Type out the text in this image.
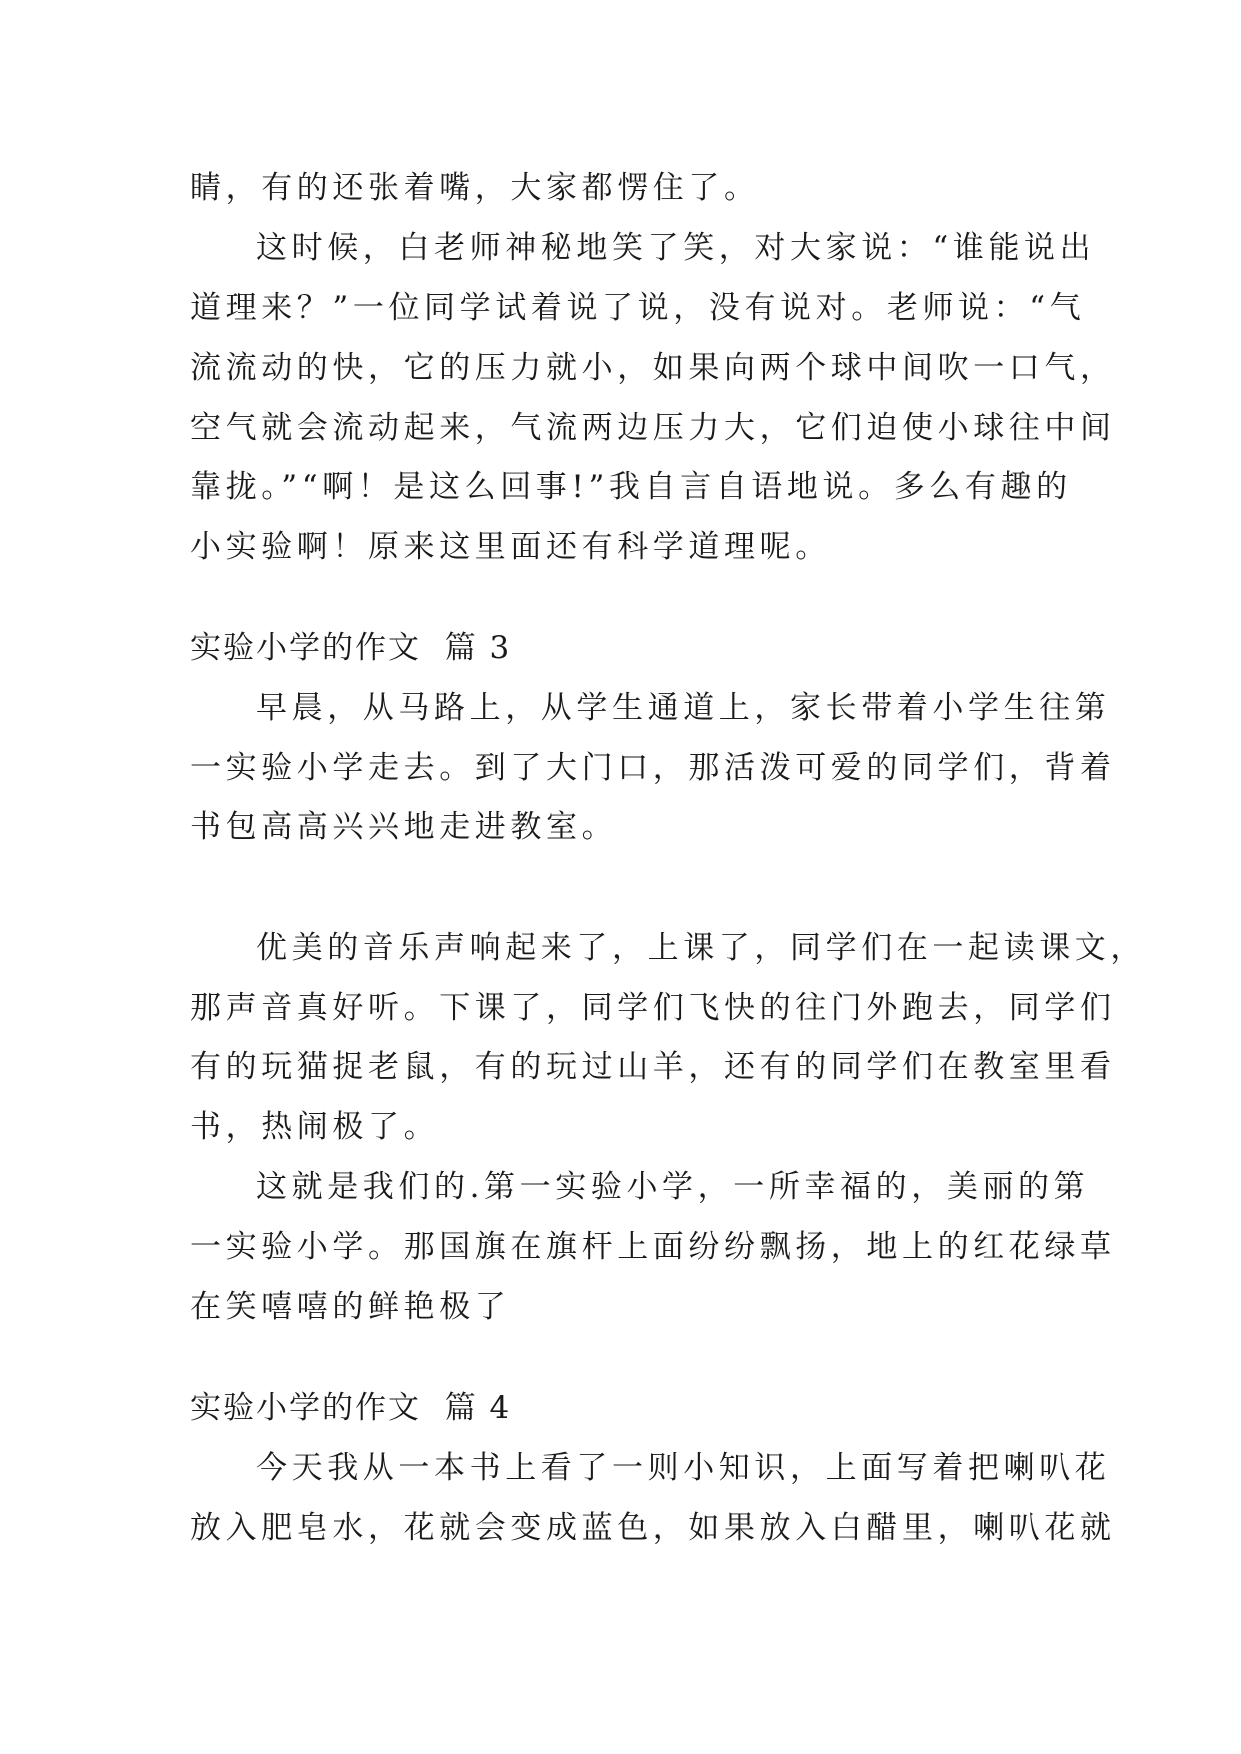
睛，有的还张着嘴，大家都愣住了。
这时候，白老师神秘地笑了笑，对大家说：“谁能说出
道理来？”一位同学试着说了说，没有说对。老师说：“气
流流动的快，它的压力就小，如果向两个球中间吹一口气，
空气就会流动起来，气流两边压力大，它们迫使小球往中间
靠拢。”“啊！是这么回事!”我自言自语地说。多么有趣的
小实验啊！原来这里面还有科学道理呢。
实验小学的作文  篇 3
早晨，从马路上，从学生通道上，家长带着小学生往第
一实验小学走去。到了大门口，那活泼可爱的同学们，背着
书包高高兴兴地走进教室。
优美的音乐声响起来了，上课了，同学们在一起读课文，
那声音真好听。下课了，同学们飞快的往门外跑去，同学们
有的玩猫捉老鼠，有的玩过山羊，还有的同学们在教室里看
书，热闹极了。
这就是我们的.第一实验小学，一所幸福的，美丽的第
一实验小学。那国旗在旗杆上面纷纷飘扬，地上的红花绿草
在笑嘻嘻的鲜艳极了
实验小学的作文  篇 4
今天我从一本书上看了一则小知识，上面写着把喇叭花
放入肥皂水，花就会变成蓝色，如果放入白醋里，喇叭花就
